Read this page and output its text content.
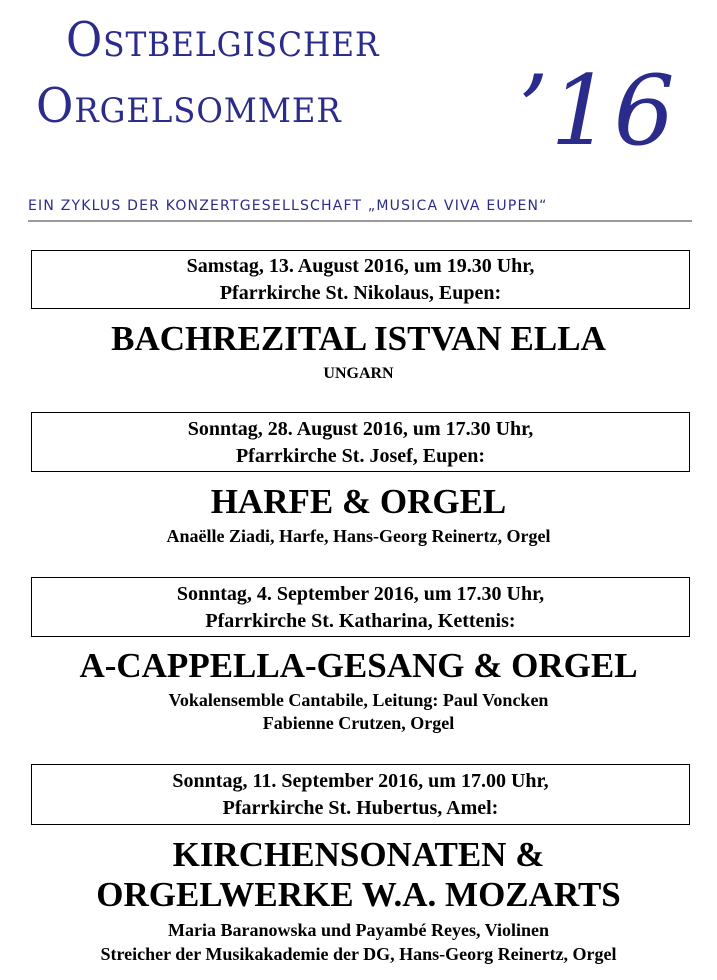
Ostbelgischer
Orgelsommer ’16
EIN ZYKLUS DER KONZERTGESELLSCHAFT „MUSICA VIVA EUPEN“
Samstag, 13. August 2016, um 19.30 Uhr,
Pfarrkirche St. Nikolaus, Eupen:
BACHREZITAL ISTVAN ELLA
UNGARN
Sonntag, 28. August 2016, um 17.30 Uhr,
Pfarrkirche St. Josef, Eupen:
HARFE & ORGEL
Anaëlle Ziadi, Harfe, Hans-Georg Reinertz, Orgel
Sonntag, 4. September 2016, um 17.30 Uhr,
Pfarrkirche St. Katharina, Kettenis:
A-CAPPELLA-GESANG & ORGEL
Vokalensemble Cantabile, Leitung: Paul Voncken
Fabienne Crutzen, Orgel
Sonntag, 11. September 2016, um 17.00 Uhr,
Pfarrkirche St. Hubertus, Amel:
KIRCHENSONATEN &
ORGELWERKE W.A. MOZARTS
Maria Baranowska und Payambé Reyes, Violinen
Streicher der Musikakademie der DG, Hans-Georg Reinertz, Orgel
